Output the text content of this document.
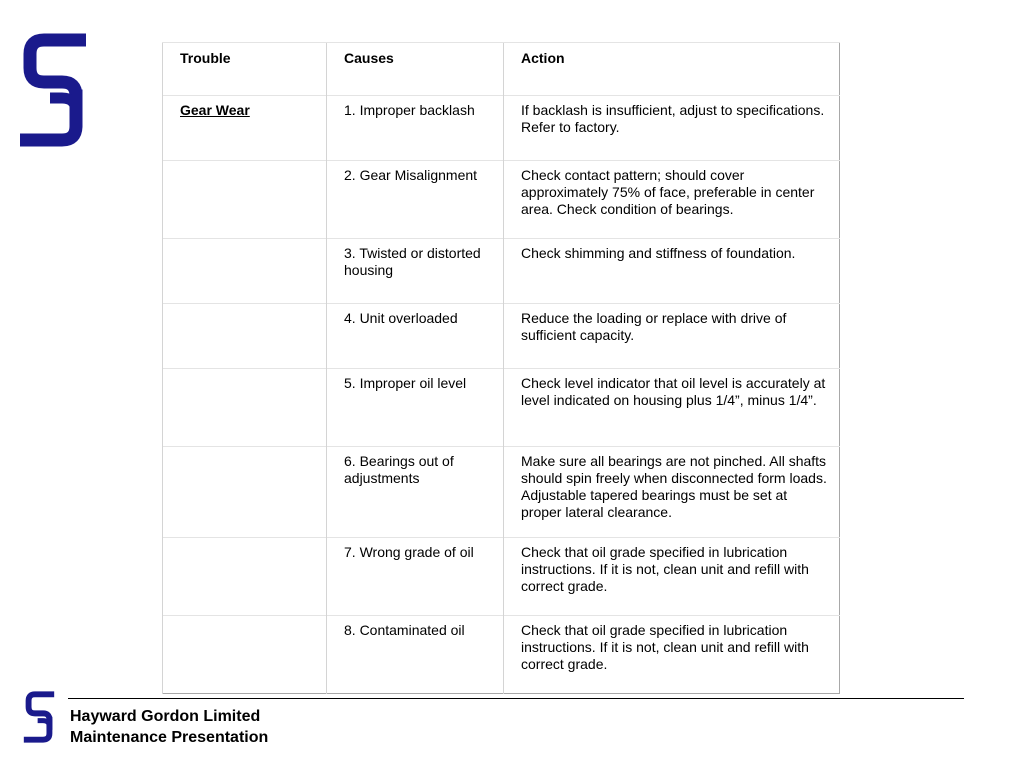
Trouble	Causes	Action
Gear Wear	1. Improper backlash	If backlash is insufficient, adjust to specifications. Refer to factory.
	2. Gear Misalignment	Check contact pattern; should cover approximately 75% of face, preferable in center area. Check condition of bearings.
	3. Twisted or distorted housing	Check shimming and stiffness of foundation.
	4. Unit overloaded	Reduce the loading or replace with drive of sufficient capacity.
	5. Improper oil level	Check level indicator that oil level is accurately at level indicated on housing plus 1/4”, minus 1/4”.
	6. Bearings out of adjustments	Make sure all bearings are not pinched. All shafts should spin freely when disconnected form loads. Adjustable tapered bearings must be set at proper lateral clearance.
	7. Wrong grade of oil	Check that oil grade specified in lubrication instructions. If it is not, clean unit and refill with correct grade.
	8. Contaminated oil	Check that oil grade specified in lubrication instructions. If it is not, clean unit and refill with correct grade.
Hayward Gordon Limited
Maintenance Presentation
